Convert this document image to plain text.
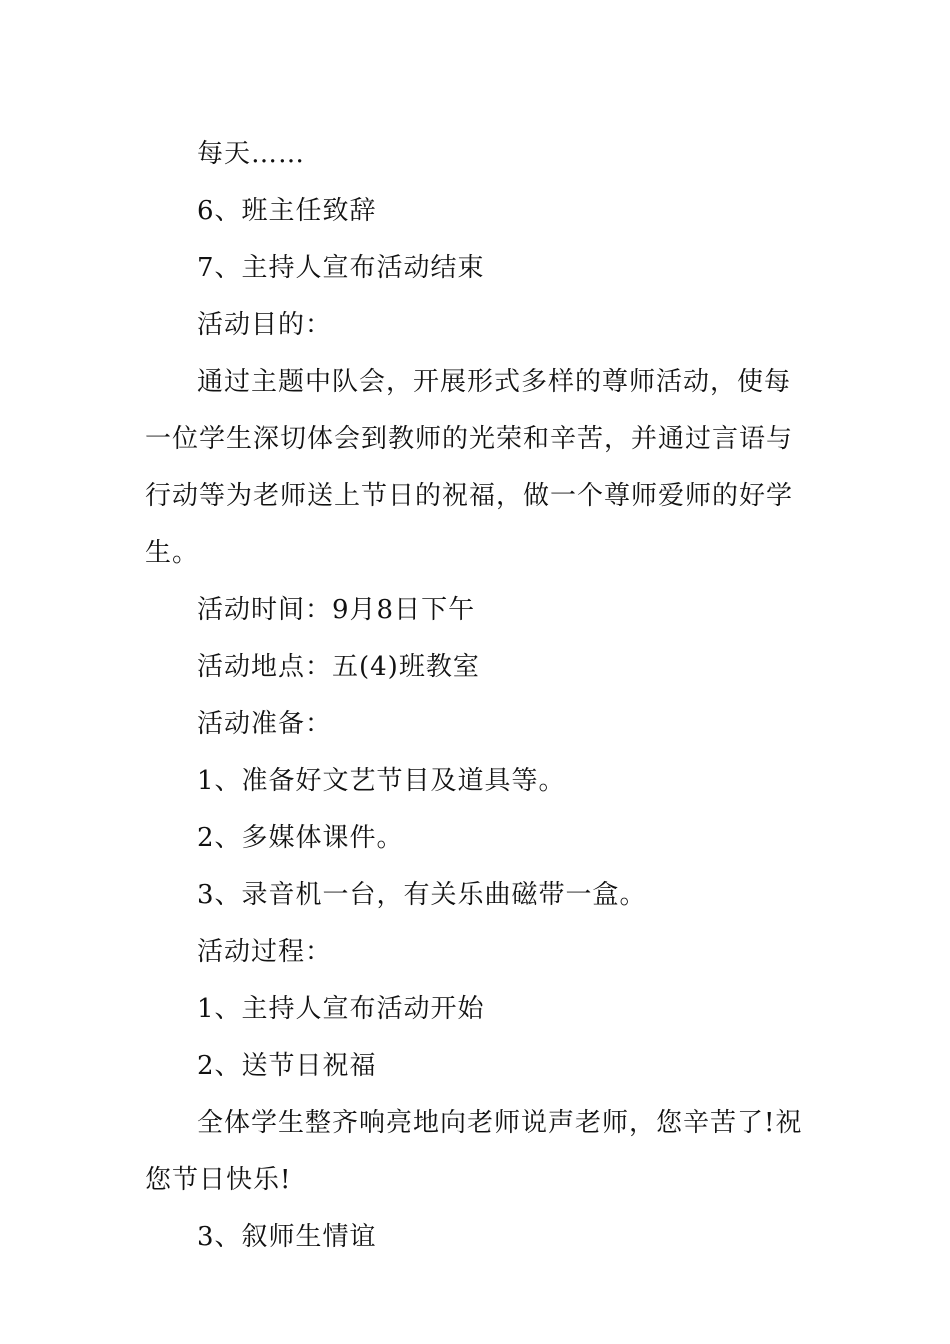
每天……

6、班主任致辞

7、主持人宣布活动结束

活动目的：

通过主题中队会，开展形式多样的尊师活动，使每一位学生深切体会到教师的光荣和辛苦，并通过言语与行动等为老师送上节日的祝福，做一个尊师爱师的好学生。

活动时间：9月8日下午

活动地点：五(4)班教室

活动准备：

1、准备好文艺节目及道具等。

2、多媒体课件。

3、录音机一台，有关乐曲磁带一盒。

活动过程：

1、主持人宣布活动开始

2、送节日祝福

全体学生整齐响亮地向老师说声老师，您辛苦了!祝您节日快乐!

3、叙师生情谊
